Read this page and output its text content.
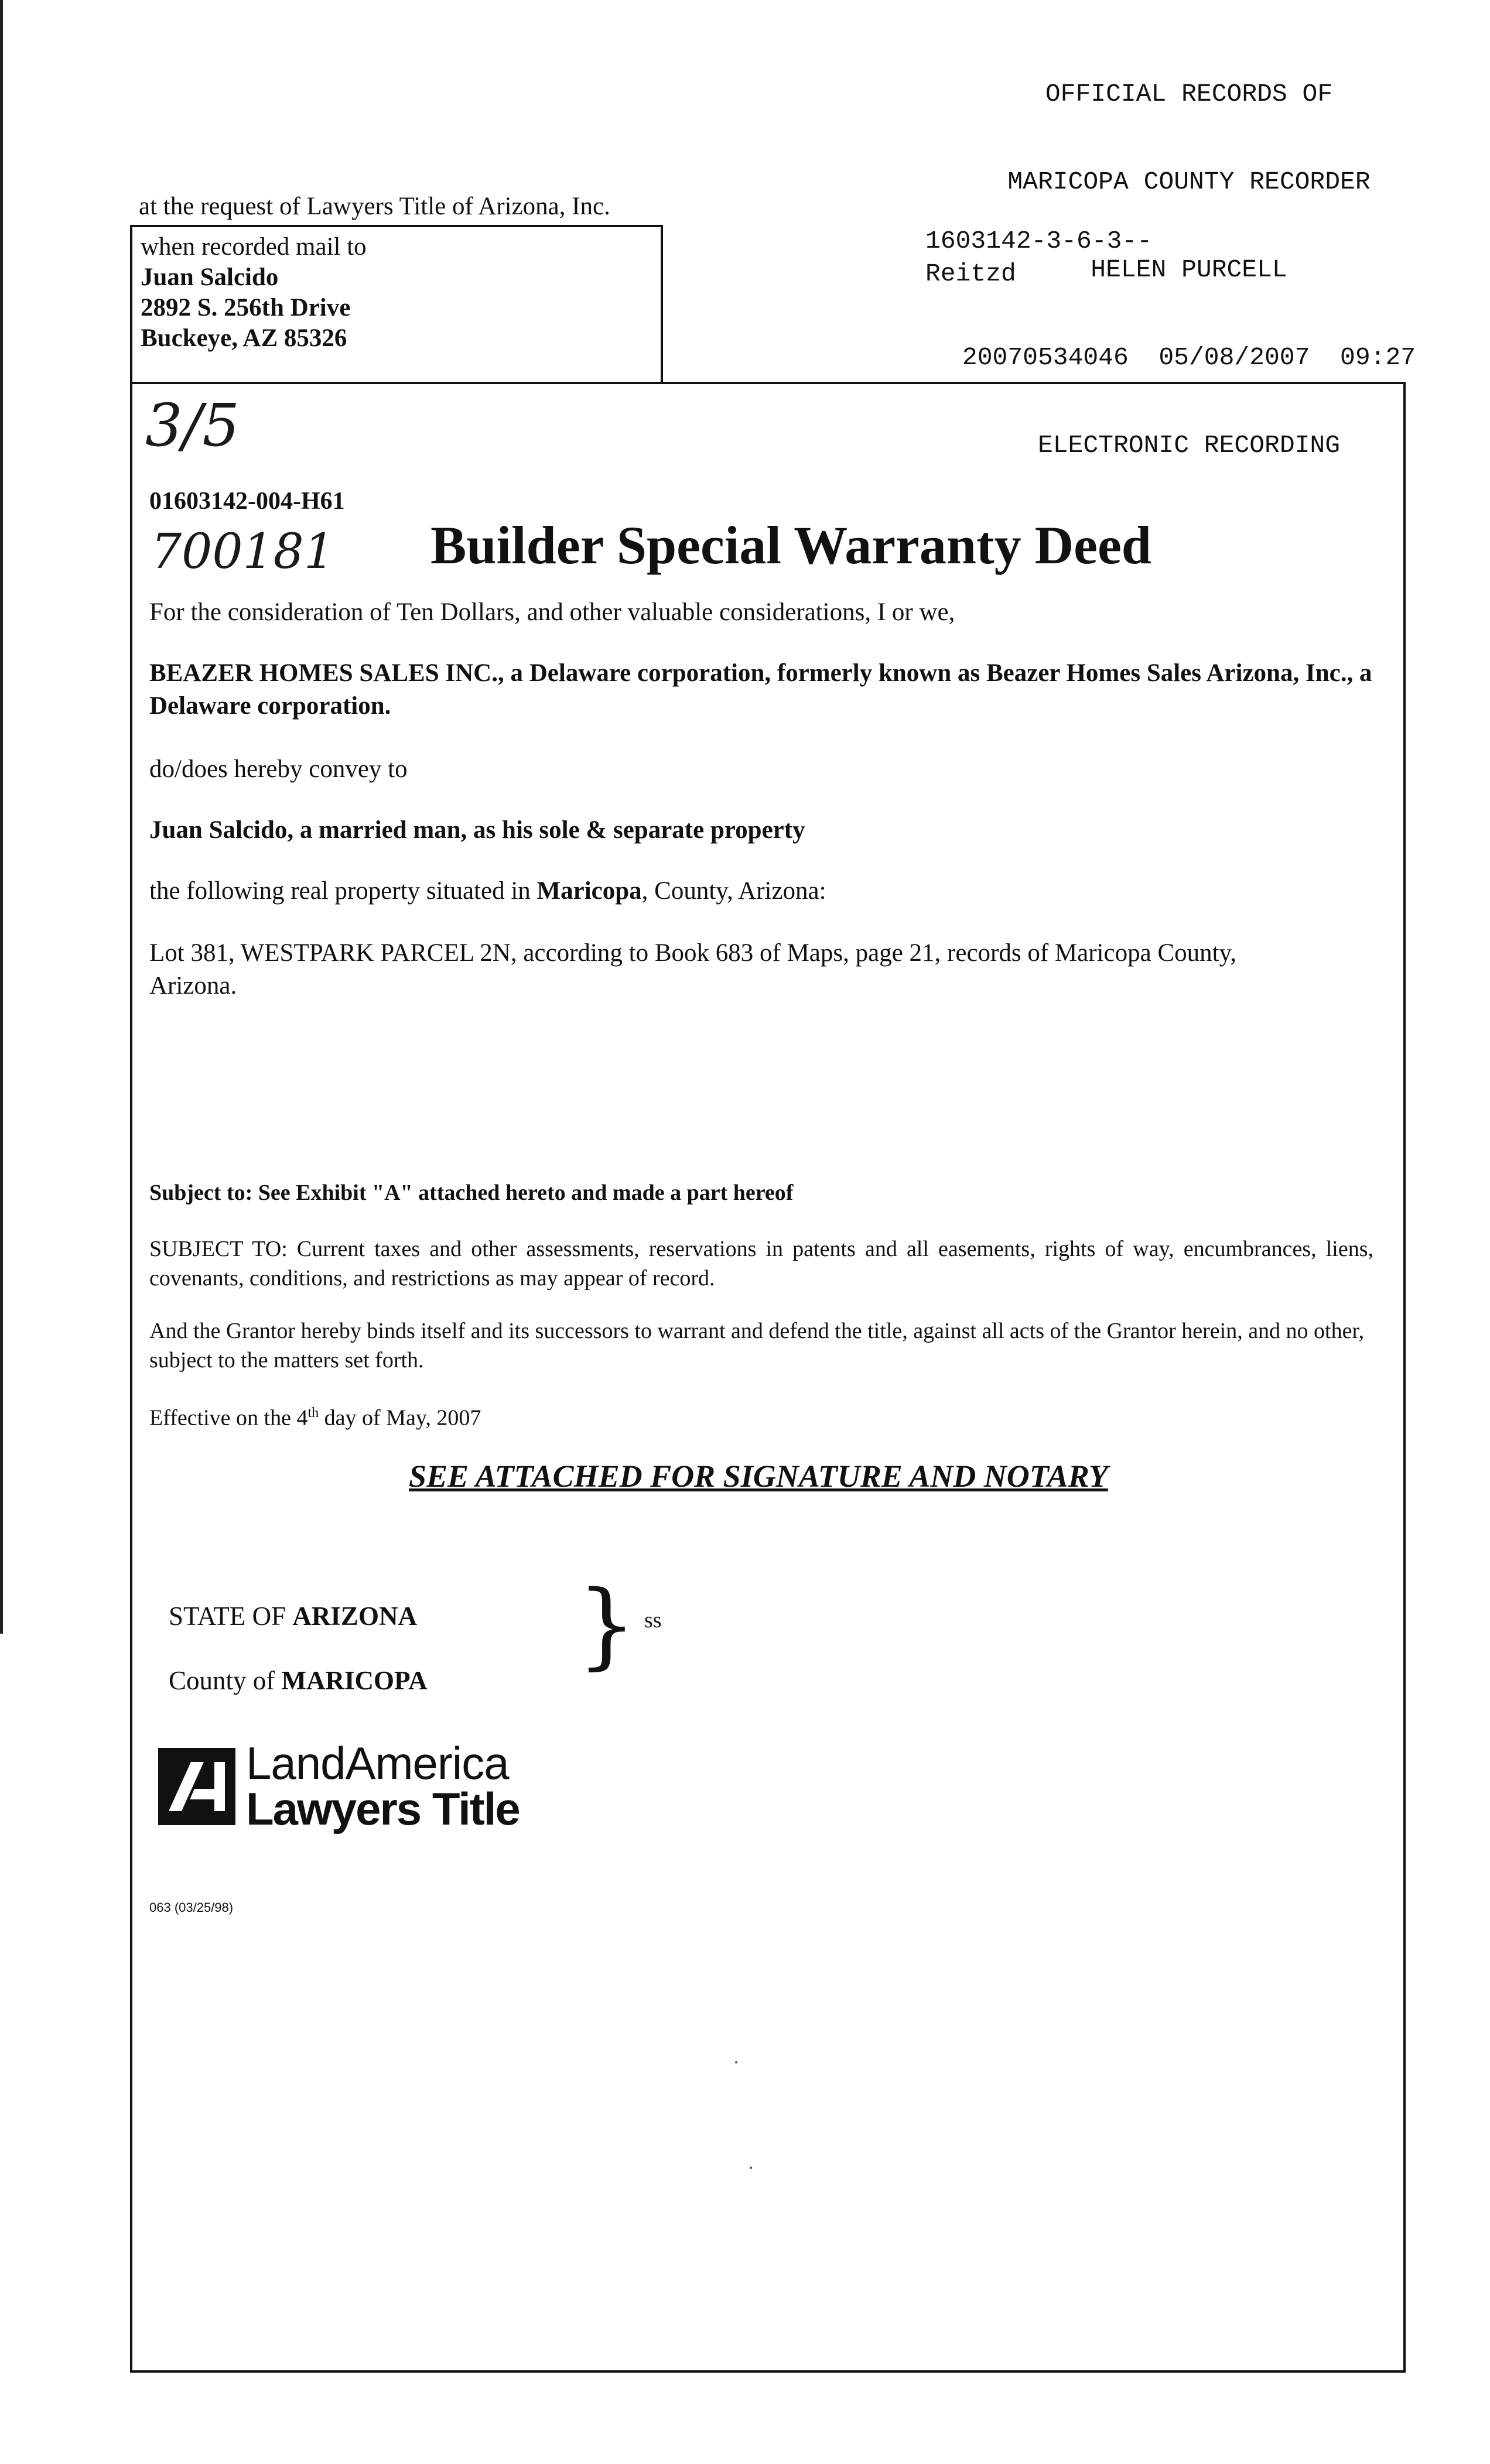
OFFICIAL RECORDS OF

MARICOPA COUNTY RECORDER

HELEN PURCELL

20070534046  05/08/2007  09:27

ELECTRONIC RECORDING

at the request of Lawyers Title of Arizona, Inc.
when recorded mail to
Juan Salcido
2892 S. 256th Drive
Buckeye, AZ 85326
1603142-3-6-3--
Reitzd
3/5
01603142-004-H61
700181 Builder Special Warranty Deed
For the consideration of Ten Dollars, and other valuable considerations, I or we,
BEAZER HOMES SALES INC., a Delaware corporation, formerly known as Beazer Homes Sales Arizona, Inc., a Delaware corporation.
do/does hereby convey to
Juan Salcido, a married man, as his sole & separate property
the following real property situated in Maricopa, County, Arizona:
Lot 381, WESTPARK PARCEL 2N, according to Book 683 of Maps, page 21, records of Maricopa County, Arizona.
Subject to: See Exhibit "A" attached hereto and made a part hereof
SUBJECT TO: Current taxes and other assessments, reservations in patents and all easements, rights of way, encumbrances, liens, covenants, conditions, and restrictions as may appear of record.
And the Grantor hereby binds itself and its successors to warrant and defend the title, against all acts of the Grantor herein, and no other, subject to the matters set forth.
Effective on the 4th day of May, 2007
SEE ATTACHED FOR SIGNATURE AND NOTARY
STATE OF ARIZONA
County of MARICOPA
} ss
LandAmerica
Lawyers Title
063 (03/25/98)
